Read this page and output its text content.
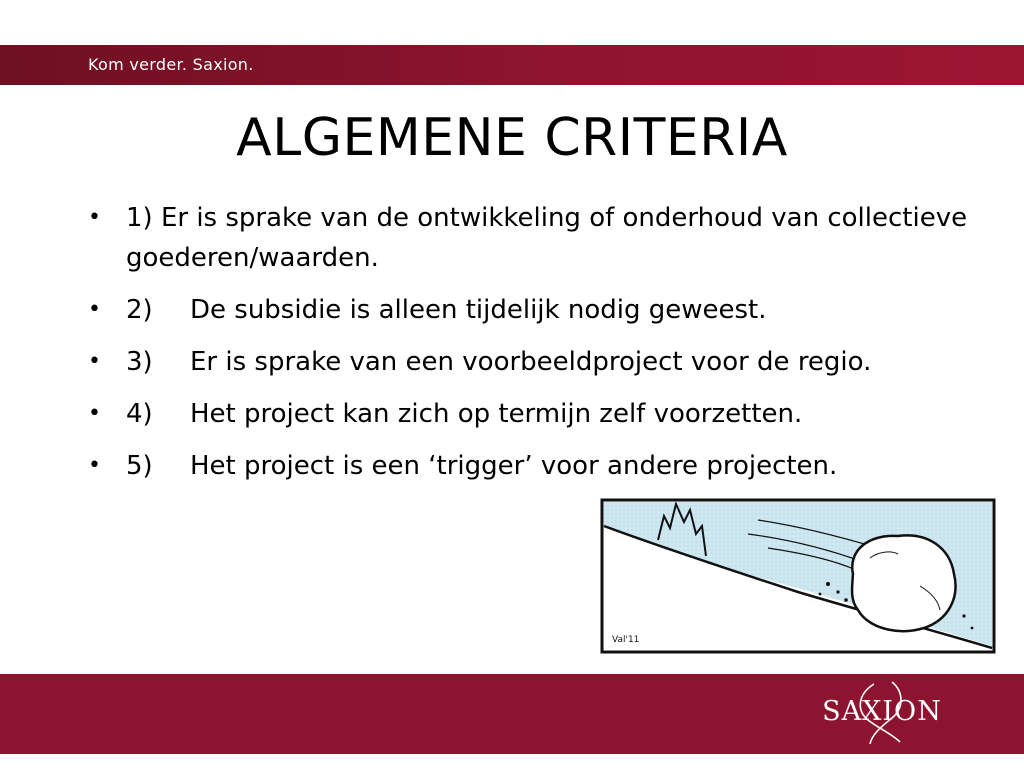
Kom verder. Saxion.
ALGEMENE CRITERIA
• 1) Er is sprake van de ontwikkeling of onderhoud van collectieve goederen/waarden.
• 2) De subsidie is alleen tijdelijk nodig geweest.
• 3) Er is sprake van een voorbeeldproject voor de regio.
• 4) Het project kan zich op termijn zelf voorzetten.
• 5) Het project is een ‘trigger’ voor andere projecten.
Val'11
SAXION
